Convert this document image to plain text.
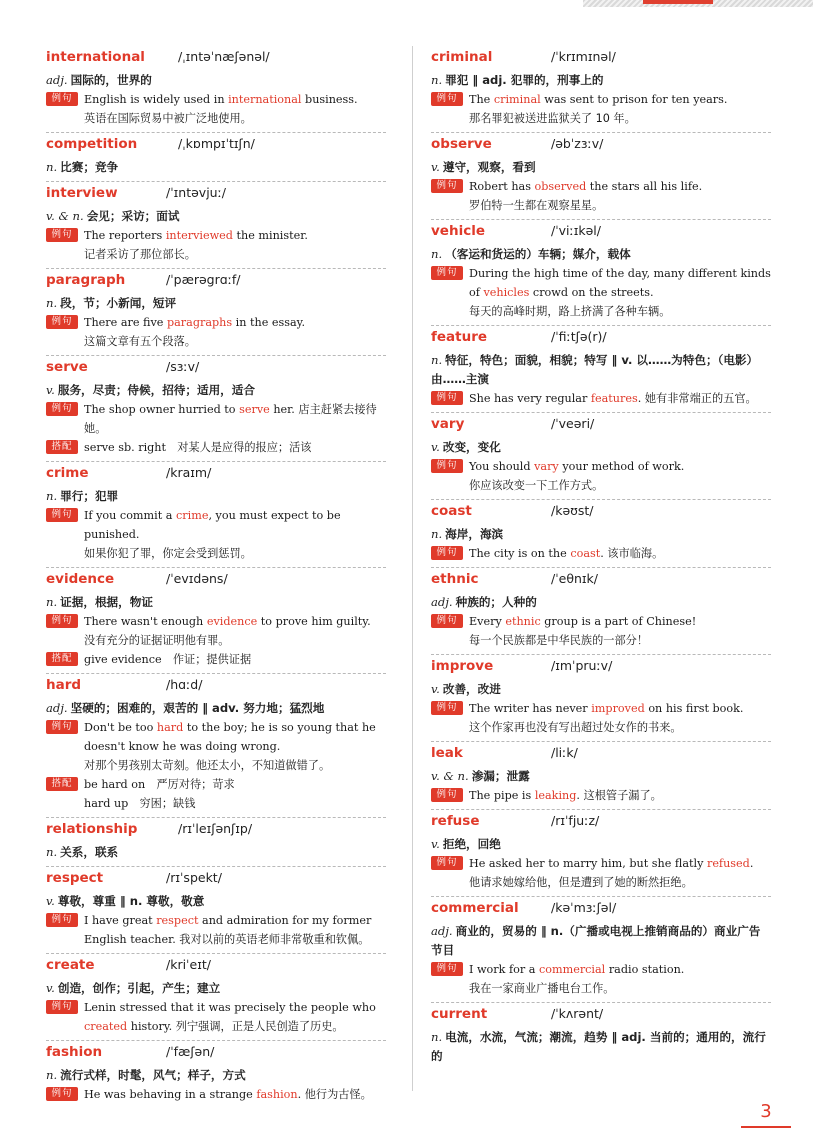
international	/ˌɪntəˈnæʃənəl/
adj. 国际的，世界的
例句	English is widely used in international business.
英语在国际贸易中被广泛地使用。
competition	/ˌkɒmpɪˈtɪʃn/
n. 比赛；竞争
interview	/ˈɪntəvjuː/
v. & n. 会见；采访；面试
例句	The reporters interviewed the minister.
记者采访了那位部长。
paragraph	/ˈpærəgrɑːf/
n. 段，节；小新闻，短评
例句	There are five paragraphs in the essay.
这篇文章有五个段落。
serve	/sɜːv/
v. 服务，尽责；侍候，招待；适用，适合
例句	The shop owner hurried to serve her. 店主赶紧去接待她。
搭配	serve sb. right　对某人是应得的报应；活该
crime	/kraɪm/
n. 罪行；犯罪
例句	If you commit a crime, you must expect to be punished.
如果你犯了罪，你定会受到惩罚。
evidence	/ˈevɪdəns/
n. 证据，根据，物证
例句	There wasn't enough evidence to prove him guilty.
没有充分的证据证明他有罪。
搭配	give evidence　作证；提供证据
hard	/hɑːd/
adj. 坚硬的；困难的，艰苦的 ‖ adv. 努力地；猛烈地
例句	Don't be too hard to the boy; he is so young that he doesn't know he was doing wrong.
对那个男孩别太苛刻。他还太小，不知道做错了。
搭配	be hard on　严厉对待；苛求
hard up　穷困；缺钱
relationship	/rɪˈleɪʃənʃɪp/
n. 关系，联系
respect	/rɪˈspekt/
v. 尊敬，尊重 ‖ n. 尊敬，敬意
例句	I have great respect and admiration for my former English teacher. 我对以前的英语老师非常敬重和钦佩。
create	/kriˈeɪt/
v. 创造，创作；引起，产生；建立
例句	Lenin stressed that it was precisely the people who created history. 列宁强调，正是人民创造了历史。
fashion	/ˈfæʃən/
n. 流行式样，时髦，风气；样子，方式
例句	He was behaving in a strange fashion. 他行为古怪。
criminal	/ˈkrɪmɪnəl/
n. 罪犯 ‖ adj. 犯罪的，刑事上的
例句	The criminal was sent to prison for ten years.
那名罪犯被送进监狱关了 10 年。
observe	/əbˈzɜːv/
v. 遵守，观察，看到
例句	Robert has observed the stars all his life.
罗伯特一生都在观察星星。
vehicle	/ˈviːɪkəl/
n. （客运和货运的）车辆；媒介，载体
例句	During the high time of the day, many different kinds of vehicles crowd on the streets.
每天的高峰时期，路上挤满了各种车辆。
feature	/ˈfiːtʃə(r)/
n. 特征，特色；面貌，相貌；特写 ‖ v. 以……为特色；（电影）由……主演
例句	She has very regular features. 她有非常端正的五官。
vary	/ˈveəri/
v. 改变，变化
例句	You should vary your method of work.
你应该改变一下工作方式。
coast	/kəʊst/
n. 海岸，海滨
例句	The city is on the coast. 该市临海。
ethnic	/ˈeθnɪk/
adj. 种族的；人种的
例句	Every ethnic group is a part of Chinese!
每一个民族都是中华民族的一部分！
improve	/ɪmˈpruːv/
v. 改善，改进
例句	The writer has never improved on his first book.
这个作家再也没有写出超过处女作的书来。
leak	/liːk/
v. & n. 渗漏；泄露
例句	The pipe is leaking. 这根管子漏了。
refuse	/rɪˈfjuːz/
v. 拒绝，回绝
例句	He asked her to marry him, but she flatly refused.
他请求她嫁给他，但是遭到了她的断然拒绝。
commercial	/kəˈmɜːʃəl/
adj. 商业的，贸易的 ‖ n.（广播或电视上推销商品的）商业广告节目
例句	I work for a commercial radio station.
我在一家商业广播电台工作。
current	/ˈkʌrənt/
n. 电流，水流，气流；潮流，趋势 ‖ adj. 当前的；通用的，流行的
3
